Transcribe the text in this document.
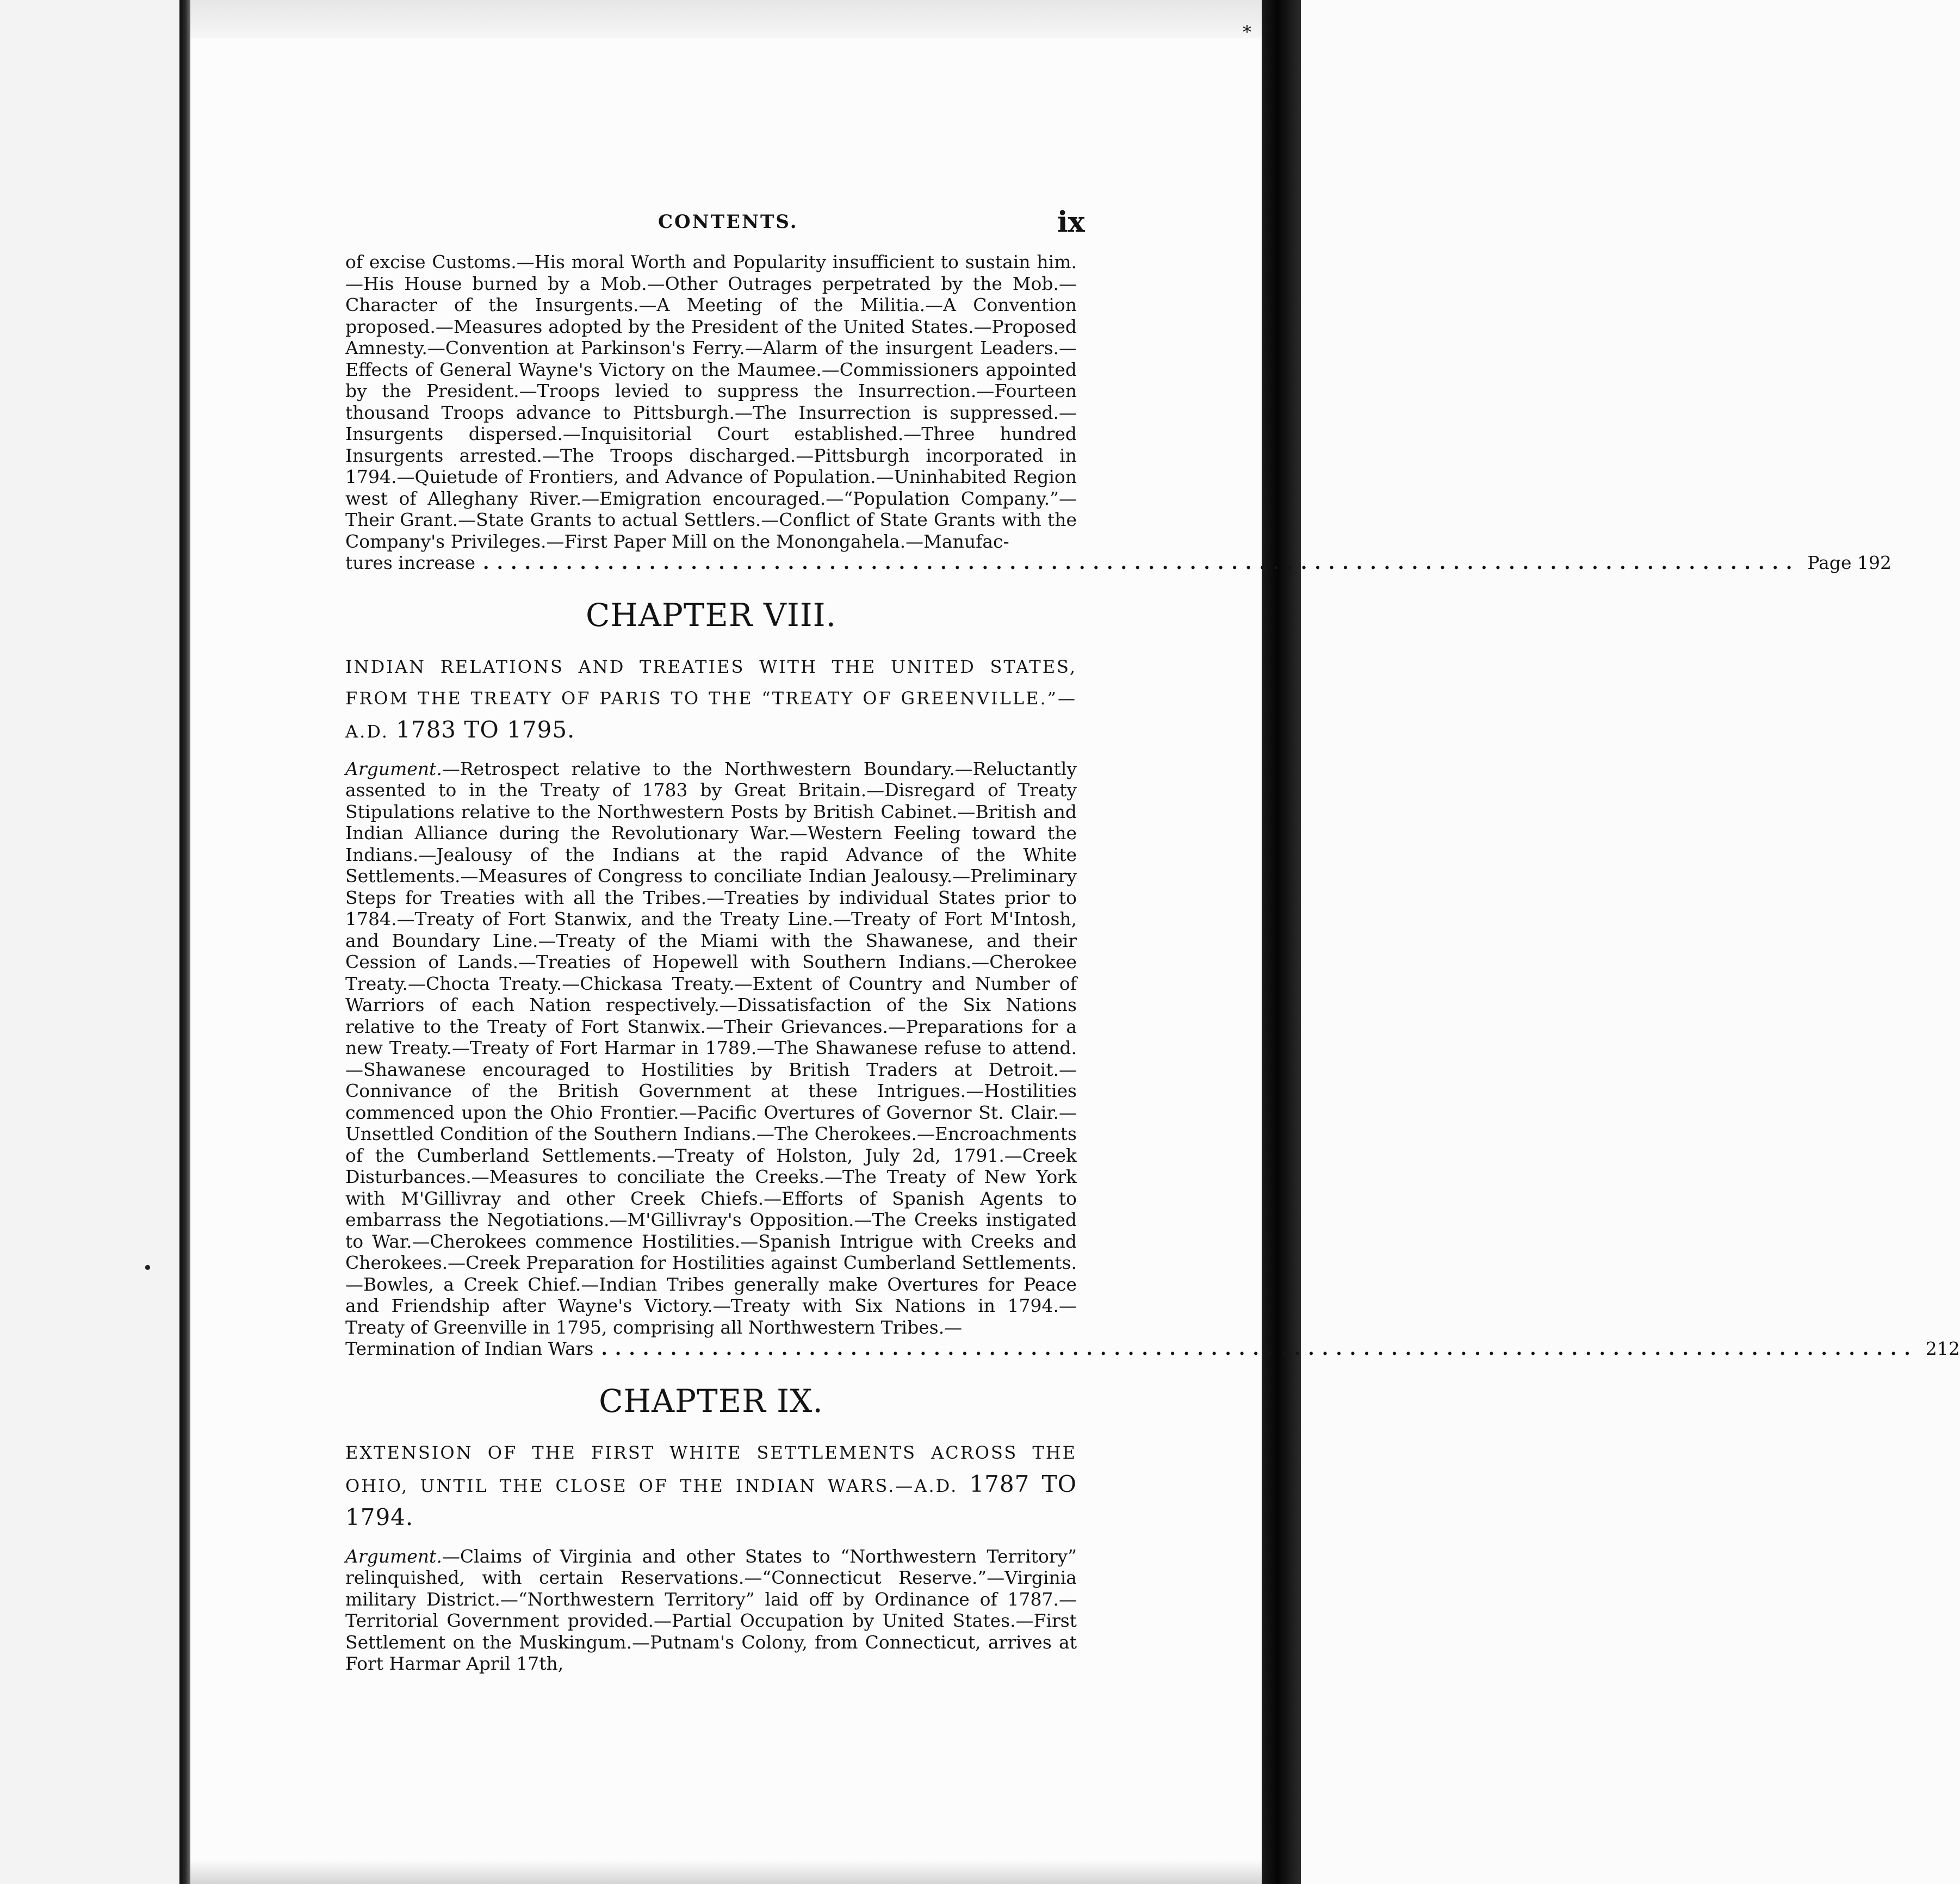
*
•
CONTENTS.	ix

of excise Customs.—His moral Worth and Popularity insufficient to sustain him.—His House burned by a Mob.—Other Outrages perpetrated by the Mob.—Character of the Insurgents.—A Meeting of the Militia.—A Convention proposed.—Measures adopted by the President of the United States.—Proposed Amnesty.—Convention at Parkinson's Ferry.—Alarm of the insurgent Leaders.—Effects of General Wayne's Victory on the Maumee.—Commissioners appointed by the President.—Troops levied to suppress the Insurrection.—Fourteen thousand Troops advance to Pittsburgh.—The Insurrection is suppressed.—Insurgents dispersed.—Inquisitorial Court established.—Three hundred Insurgents arrested.—The Troops discharged.—Pittsburgh incorporated in 1794.—Quietude of Frontiers, and Advance of Population.—Uninhabited Region west of Alleghany River.—Emigration encouraged.—“Population Company.”—Their Grant.—State Grants to actual Settlers.—Conflict of State Grants with the Company's Privileges.—First Paper Mill on the Monongahela.—Manufac-

tures increase ............................................................................................... Page 192
CHAPTER VIII.

INDIAN RELATIONS AND TREATIES WITH THE UNITED STATES, FROM THE TREATY OF PARIS TO THE “TREATY OF GREENVILLE.”—A.D. 1783 TO 1795.

Argument.—Retrospect relative to the Northwestern Boundary.—Reluctantly assented to in the Treaty of 1783 by Great Britain.—Disregard of Treaty Stipulations relative to the Northwestern Posts by British Cabinet.—British and Indian Alliance during the Revolutionary War.—Western Feeling toward the Indians.—Jealousy of the Indians at the rapid Advance of the White Settlements.—Measures of Congress to conciliate Indian Jealousy.—Preliminary Steps for Treaties with all the Tribes.—Treaties by individual States prior to 1784.—Treaty of Fort Stanwix, and the Treaty Line.—Treaty of Fort M'Intosh, and Boundary Line.—Treaty of the Miami with the Shawanese, and their Cession of Lands.—Treaties of Hopewell with Southern Indians.—Cherokee Treaty.—Chocta Treaty.—Chickasa Treaty.—Extent of Country and Number of Warriors of each Nation respectively.—Dissatisfaction of the Six Nations relative to the Treaty of Fort Stanwix.—Their Grievances.—Preparations for a new Treaty.—Treaty of Fort Harmar in 1789.—The Shawanese refuse to attend.—Shawanese encouraged to Hostilities by British Traders at Detroit.—Connivance of the British Government at these Intrigues.—Hostilities commenced upon the Ohio Frontier.—Pacific Overtures of Governor St. Clair.—Unsettled Condition of the Southern Indians.—The Cherokees.—Encroachments of the Cumberland Settlements.—Treaty of Holston, July 2d, 1791.—Creek Disturbances.—Measures to conciliate the Creeks.—The Treaty of New York with M'Gillivray and other Creek Chiefs.—Efforts of Spanish Agents to embarrass the Negotiations.—M'Gillivray's Opposition.—The Creeks instigated to War.—Cherokees commence Hostilities.—Spanish Intrigue with Creeks and Cherokees.—Creek Preparation for Hostilities against Cumberland Settlements.—Bowles, a Creek Chief.—Indian Tribes generally make Overtures for Peace and Friendship after Wayne's Victory.—Treaty with Six Nations in 1794.—Treaty of Greenville in 1795, comprising all Northwestern Tribes.—

Termination of Indian Wars ............................................................................................... 212
CHAPTER IX.

EXTENSION OF THE FIRST WHITE SETTLEMENTS ACROSS THE OHIO, UNTIL THE CLOSE OF THE INDIAN WARS.—A.D. 1787 TO 1794.

Argument.—Claims of Virginia and other States to “Northwestern Territory” relinquished, with certain Reservations.—“Connecticut Reserve.”—Virginia military District.—“Northwestern Territory” laid off by Ordinance of 1787.—Territorial Government provided.—Partial Occupation by United States.—First Settlement on the Muskingum.—Putnam's Colony, from Connecticut, arrives at Fort Harmar April 17th,
